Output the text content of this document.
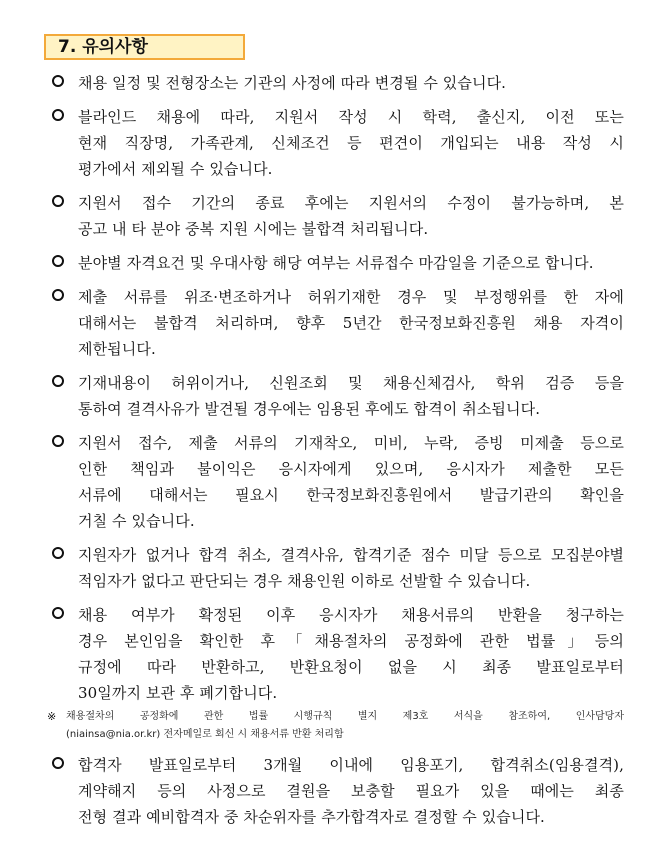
7. 유의사항
채용 일정 및 전형장소는 기관의 사정에 따라 변경될 수 있습니다.
블라인드 채용에 따라, 지원서 작성 시 학력, 출신지, 이전 또는
현재 직장명, 가족관계, 신체조건 등 편견이 개입되는 내용 작성 시
평가에서 제외될 수 있습니다.
지원서 접수 기간의 종료 후에는 지원서의 수정이 불가능하며, 본
공고 내 타 분야 중복 지원 시에는 불합격 처리됩니다.
분야별 자격요건 및 우대사항 해당 여부는 서류접수 마감일을 기준으로 합니다.
제출 서류를 위조·변조하거나 허위기재한 경우 및 부정행위를 한 자에
대해서는 불합격 처리하며, 향후 5년간 한국정보화진흥원 채용 자격이
제한됩니다.
기재내용이 허위이거나, 신원조회 및 채용신체검사, 학위 검증 등을
통하여 결격사유가 발견될 경우에는 임용된 후에도 합격이 취소됩니다.
지원서 접수, 제출 서류의 기재착오, 미비, 누락, 증빙 미제출 등으로
인한 책임과 불이익은 응시자에게 있으며, 응시자가 제출한 모든
서류에 대해서는 필요시 한국정보화진흥원에서 발급기관의 확인을
거칠 수 있습니다.
지원자가 없거나 합격 취소, 결격사유, 합격기준 점수 미달 등으로 모집분야별
적임자가 없다고 판단되는 경우 채용인원 이하로 선발할 수 있습니다.
채용 여부가 확정된 이후 응시자가 채용서류의 반환을 청구하는
경우 본인임을 확인한 후「채용절차의 공정화에 관한 법률」등의
규정에 따라 반환하고, 반환요청이 없을 시 최종 발표일로부터
30일까지 보관 후 폐기합니다.
※ 채용절차의 공정화에 관한 법률 시행규칙 별지 제3호 서식을 참조하여, 인사담당자
(niainsa@nia.or.kr) 전자메일로 회신 시 채용서류 반환 처리함
합격자 발표일로부터 3개월 이내에 임용포기, 합격취소(임용결격),
계약해지 등의 사정으로 결원을 보충할 필요가 있을 때에는 최종
전형 결과 예비합격자 중 차순위자를 추가합격자로 결정할 수 있습니다.
